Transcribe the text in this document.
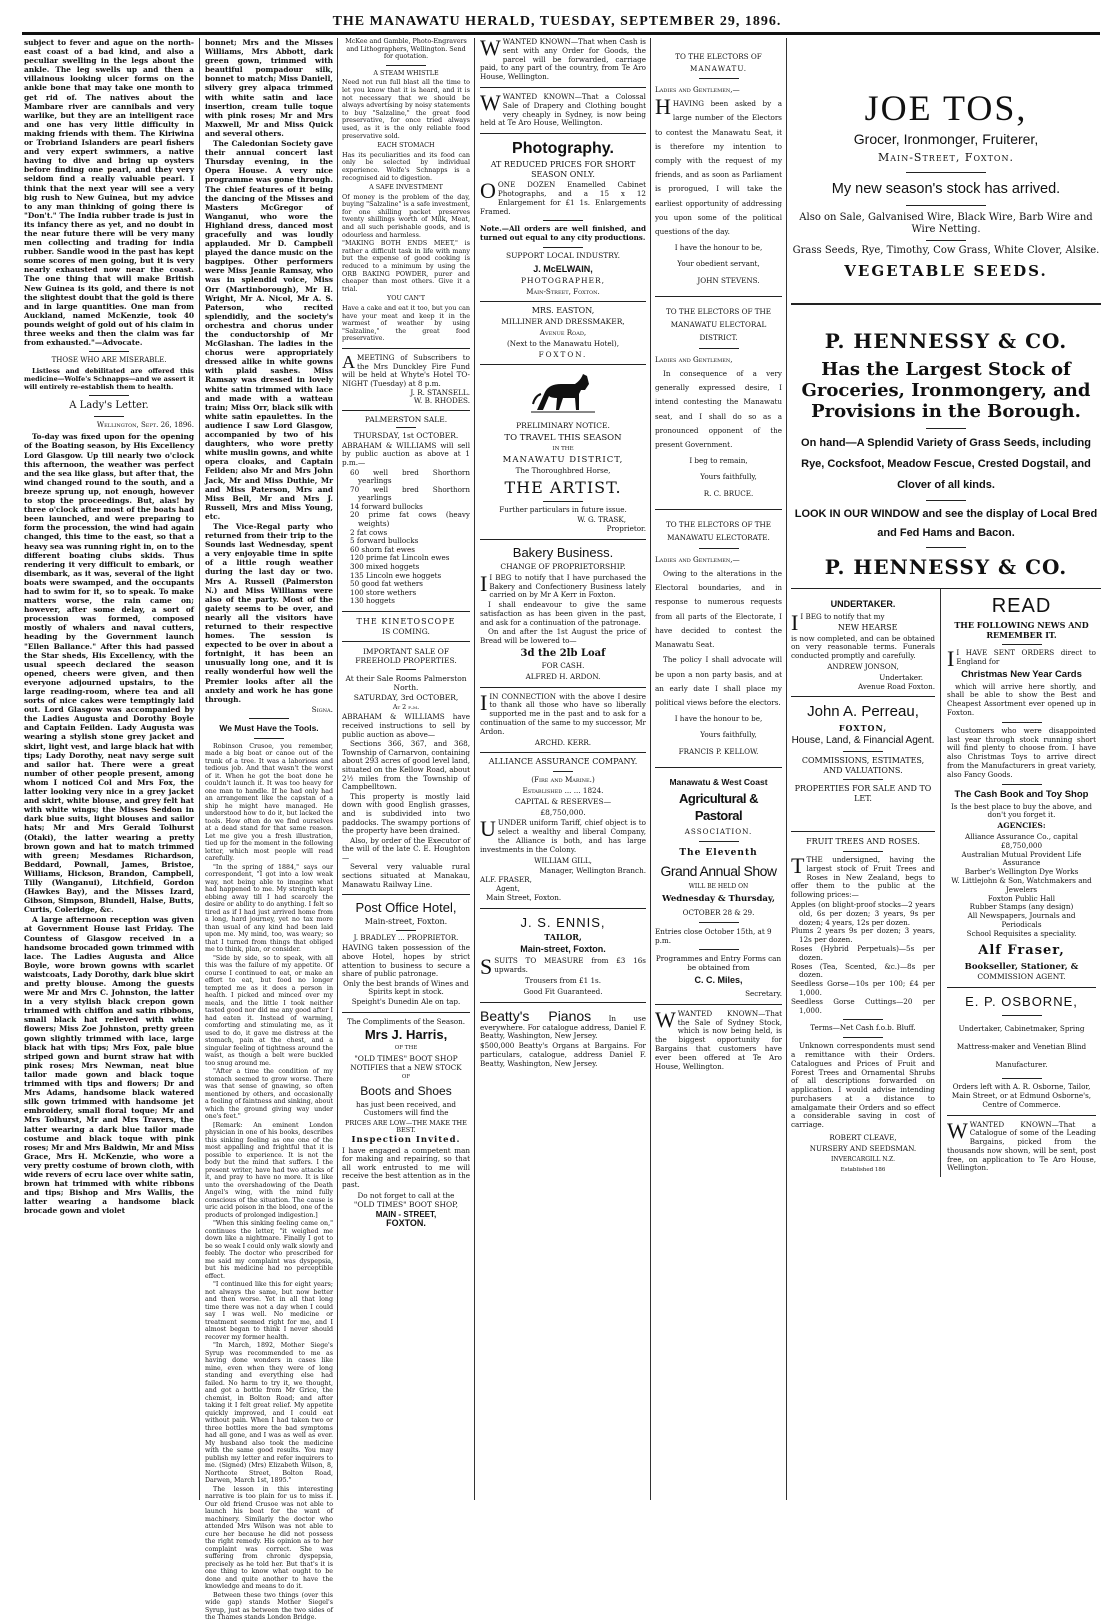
THE MANAWATU HERALD, TUESDAY, SEPTEMBER 29, 1896.

subject to fever and ague on the north-east coast of a bad kind, and also a peculiar swelling in the legs about the ankle. The leg swells up and then a villainous looking ulcer forms on the ankle bone that may take one month to get rid of. The natives about the Mambare river are cannibals and very warlike, but they are an intelligent race and one has very little difficulty in making friends with them. The Kiriwina or Trobriand Islanders are pearl fishers and very expert swimmers, a native having to dive and bring up oysters before finding one pearl, and they very seldom find a really valuable pearl. I think that the next year will see a very big rush to New Guinea, but my advice to any man thinking of going there is "Don't." The India rubber trade is just in its infancy there as yet, and no doubt in the near future there will be very many men collecting and trading for india rubber. Sandle wood in the past has kept some scores of men going, but it is very nearly exhausted now near the coast. The one thing that will make British New Guinea is its gold, and there is not the slightest doubt that the gold is there and in large quantities. One man from Auckland, named McKenzie, took 40 pounds weight of gold out of his claim in three weeks and then the claim was far from exhausted."—Advocate.

THOSE WHO ARE MISERABLE.

Listless and debilitated are offered this medicine—Wolfe's Schnapps—and we assert it will entirely re-establish them to health.

A Lady's Letter.
Wellington, Sept. 26, 1896.

To-day was fixed upon for the opening of the Boating season, by His Excellency Lord Glasgow. Up till nearly two o'clock this afternoon, the weather was perfect and the sea like glass, but after that, the wind changed round to the south, and a breeze sprung up, not enough, however to stop the proceedings. But, alas! by three o'clock after most of the boats had been launched, and were preparing to form the procession, the wind had again changed, this time to the east, so that a heavy sea was running right in, on to the different boating clubs skids. Thus rendering it very difficult to embark, or disembark, as it was, several of the light boats were swamped, and the occupants had to swim for it, so to speak. To make matters worse, the rain came on; however, after some delay, a sort of procession was formed, composed mostly of whalers and naval cutters, heading by the Government launch "Ellen Ballance." After this had passed the Star sheds, His Excellency, with the usual speech declared the season opened, cheers were given, and then everyone adjourned upstairs, to the large reading-room, where tea and all sorts of nice cakes were temptingly laid out. Lord Glasgow was accompanied by the Ladies Augusta and Dorothy Boyle and Captain Feilden. Lady Augusta was wearing a stylish stone grey jacket and skirt, light vest, and large black hat with tips; Lady Dorothy, neat navy serge suit and sailor hat. There were a great number of other people present, among whom I noticed Col and Mrs Fox, the latter looking very nice in a grey jacket and skirt, white blouse, and grey felt hat with white wings; the Misses Seddon in dark blue suits, light blouses and sailor hats; Mr and Mrs Gerald Tolhurst (Otaki), the latter wearing a pretty brown gown and hat to match trimmed with green; Mesdames Richardson, Beddard, Pownall, James, Bristoe, Williams, Hickson, Brandon, Campbell, Tilly (Wanganui), Litchfield, Gordon (Hawkes Bay), and the Misses Izard, Gibson, Simpson, Blundell, Halse, Butts, Curtis, Coleridge, &c.

A large afternoon reception was given at Government House last Friday. The Countess of Glasgow received in a handsome brocaded gown trimmed with lace. The Ladies Augusta and Alice Boyle, wore brown gowns with scarlet waistcoats, Lady Dorothy, dark blue skirt and pretty blouse. Among the guests were Mr and Mrs C. Johnston, the latter in a very stylish black crepon gown trimmed with chiffon and satin ribbons, small black hat relieved with white flowers; Miss Zoe Johnston, pretty green gown slightly trimmed with lace, large black hat with tips; Mrs Fox, pale blue striped gown and burnt straw hat with pink roses; Mrs Newman, neat blue tailor made gown and black toque trimmed with tips and flowers; Dr and Mrs Adams, handsome black watered silk gown trimmed with handsome jet embroidery, small floral toque; Mr and Mrs Tolhurst, Mr and Mrs Travers, the latter wearing a dark blue tailor made costume and black toque with pink roses; Mr and Mrs Baldwin, Mr and Miss Grace, Mrs H. McKenzie, who wore a very pretty costume of brown cloth, with wide revers of ecru lace over white satin, brown hat trimmed with white ribbons and tips; Bishop and Mrs Wallis, the latter wearing a handsome black brocade gown and violet

bonnet; Mrs and the Misses Williams, Mrs Abbott, dark green gown, trimmed with beautiful pompadour silk, bonnet to match; Miss Daniell, silvery grey alpaca trimmed with white satin and lace insertion, cream tulle toque with pink roses; Mr and Mrs Maxwell, Mr and Miss Quick and several others.

The Caledonian Society gave their annual concert last Thursday evening, in the Opera House. A very nice programme was gone through. The chief features of it being the dancing of the Misses and Masters McGregor of Wanganui, who wore the Highland dress, danced most gracefully and was loudly applauded. Mr D. Campbell played the dance music on the bagpipes. Other performers were Miss Jeanie Ramsay, who was in splendid voice, Miss Orr (Martinborough), Mr H. Wright, Mr A. Nicol, Mr A. S. Paterson, who recited splendidly, and the society's orchestra and chorus under the conductorship of Mr McGlashan. The ladies in the chorus were appropriately dressed alike in white gowns with plaid sashes. Miss Ramsay was dressed in lovely white satin trimmed with lace and made with a watteau train; Miss Orr, black silk with white satin epaulettes. In the audience I saw Lord Glasgow, accompanied by two of his daughters, who wore pretty white muslin gowns, and white opera cloaks, and Captain Feilden; also Mr and Mrs John Jack, Mr and Miss Duthie, Mr and Miss Paterson, Mrs and Miss Bell, Mr and Mrs J. Russell, Mrs and Miss Young, etc.

The Vice-Regal party who returned from their trip to the Sounds last Wednesday, spent a very enjoyable time in spite of a little rough weather during the last day or two. Mrs A. Russell (Palmerston N.) and Miss Williams were also of the party. Most of the gaiety seems to be over, and nearly all the visitors have returned to their respective homes. The session is expected to be over in about a fortnight, it has been an unusually long one, and it is really wonderful how well the Premier looks after all the anxiety and work he has gone through.

Signa.
We Must Have the Tools.

Robinson Crusoe, you remember, made a big boat or canoe out of the trunk of a tree. It was a laborious and tedious job. And that wasn't the worst of it. When he got the boat done he couldn't launch it. It was too heavy for one man to handle. If he had only had an arrangement like the capstan of a ship he might have managed. He understood how to do it, but lacked the tools. How often do we find ourselves at a dead stand for that same reason. Let me give you a fresh illustration, tied up for the moment in the following letter, which most people will read carefully.

"In the spring of 1884," says our correspondent, "I got into a low weak way, not being able to imagine what had happened to me. My strength kept ebbing away till I had scarcely the desire or ability to do anything. I felt so tired as if I had just arrived home from a long, hard journey, yet no tax more than usual of any kind had been laid upon me. My mind, too, was weary; so that I turned from things that obliged me to think, plan, or consider.

"Side by side, so to speak, with all this was the failure of my appetite. Of course I continued to eat, or make an effort to eat, but food no longer tempted me as it does a person in health. I picked and minced over my meals, and the little I took neither tasted good nor did me any good after I had eaten it. Instead of warming, comforting and stimulating me, as it used to do, it gave me distress at the stomach, pain at the chest, and a singular feeling of tightness around the waist, as though a belt were buckled too snug around me.

"After a time the condition of my stomach seemed to grow worse. There was that sense of gnawing, so often mentioned by others, and occasionally a feeling of faintness and sinking, about which the ground giving way under one's feet."

[Remark: An eminent London physician in one of his books, describes this sinking feeling as one one of the most appalling and frightful that it is possible to experience. It is not the body but the mind that suffers. I the present writer, have had two attacks of it, and pray to have no more. It is like unto the overshadowing of the Death Angel's wing, with the mind fully conscious of the situation. The cause is uric acid poison in the blood, one of the products of prolonged indigestion.]

"When this sinking feeling came on," continues the letter, "it weighed me down like a nightmare. Finally I got to be so weak I could only walk slowly and feebly. The doctor who prescribed for me said my complaint was dyspepsia, but his medicine had no perceptible effect.

"I continued like this for eight years; not always the same, but now better and then worse. Yet in all that long time there was not a day when I could say I was well. No medicine or treatment seemed right for me, and I almost began to think I never should recover my former health.

"In March, 1892, Mother Siege's Syrup was recommended to me as having done wonders in cases like mine, even when they were of long standing and everything else had failed. No harm to try it, we thought, and got a bottle from Mr Grice, the chemist, in Bolton Road; and after taking it I felt great relief. My appetite quickly improved, and I could eat without pain. When I had taken two or three bottles more the bad symptoms had all gone, and I was as well as ever. My husband also took the medicine with the same good results. You may publish my letter and refer inquirers to me. (Signed) (Mrs) Elizabeth Wilson, 8, Northcote Street, Bolton Road, Darwen, March 1st, 1895."

The lesson in this interesting narrative is too plain for us to miss it. Our old friend Crusoe was not able to launch his boat for the want of machinery. Similarly the doctor who attended Mrs Wilson was not able to cure her because he did not possess the right remedy. His opinion as to her complaint was correct. She was suffering from chronic dyspepsia, precisely as he told her. But that's it is one thing to know what ought to be done and quite another to have the knowledge and means to do it.

Between these two things (over this wide gap) stands Mother Siegel's Syrup, just as between the two sides of the Thames stands London Bridge.

McKee and Gamble, Photo-Engravers and Lithographers, Wellington. Send for quotation.

A STEAM WHISTLE

Need not run full blast all the time to let you know that it is heard, and it is not necessary that we should be always advertising by noisy statements to buy "Salzaline," the great food preservative, for once tried always used, as it is the only reliable food preservative sold.

EACH STOMACH

Has its peculiarities and its food can only be selected by individual experience. Wolfe's Schnapps is a recognised aid to digestion.

A SAFE INVESTMENT

Of money is the problem of the day, buying "Salzaline" is a safe investment, for one shilling packet preserves twenty shillings worth of Milk, Meat, and all such perishable goods, and is odourless and harmless.

"MAKING BOTH ENDS MEET," is rather a difficult task in life with many but the expense of good cooking is reduced to a minimum by using the ORB BAKING POWDER, purer and cheaper than most others. Give it a trial.

YOU CAN'T

Have a cake and eat it too, but you can have your meat and keep it in the warmest of weather by using "Salzaline," the great food preservative.

AMEETING of Subscribers to the Mrs Dunckley Fire Fund will be held at Whyte's Hotel TO-NIGHT (Tuesday) at 8 p.m.

J. R. STANSELL.
W. B. RHODES.
PALMERSTON SALE.
THURSDAY, 1st OCTOBER.

ABRAHAM & WILLIAMS will sell by public auction as above at 1 p.m.—

60 well bred Shorthorn yearlings
70 well bred Shorthorn yearlings
14 forward bullocks
20 prime fat cows (heavy weights)
2 fat cows
5 forward bullocks
60 shorn fat ewes
120 prime fat Lincoln ewes
300 mixed hoggets
135 Lincoln ewe hoggets
50 good fat wethers
100 store wethers
130 hoggets
THE KINETOSCOPE
IS COMING.
IMPORTANT SALE OF FREEHOLD PROPERTIES.
At their Sale Rooms Palmerston North.
SATURDAY, 3rd OCTOBER,
At 2 p.m.

ABRAHAM & WILLIAMS have received instructions to sell by public auction as above—

Sections 366, 367, and 368, Township of Carnarvon, containing about 293 acres of good level land, situated on the Kellow Road, about 2½ miles from the Township of Campbelltown.

This property is mostly laid down with good English grasses, and is subdivided into two paddocks. The swampy portions of the property have been drained.

Also, by order of the Executor of the will of the late C. E. Houghton—

Several very valuable rural sections situated at Manakau, Manawatu Railway Line.

Post Office Hotel,
Main-street, Foxton.
J. BRADLEY ... PROPRIETOR.

HAVING taken possession of the above Hotel, hopes by strict attention to business to secure a share of public patronage.

Only the best brands of Wines and Spirits kept in stock.

Speight's Dunedin Ale on tap.

The Compliments of the Season.
Mrs J. Harris,
OF THE
"OLD TIMES" BOOT SHOP
NOTIFIES that a NEW STOCK
OF
Boots and Shoes

has just been received, and Customers will find the

PRICES ARE LOW—THE MAKE THE BEST.
Inspection Invited.

I have engaged a competent man for making and repairing, so that all work entrusted to me will receive the best attention as in the past.

Do not forget to call at the
"OLD TIMES" BOOT SHOP,
MAIN - STREET,
FOXTON.

WWANTED KNOWN—That when Cash is sent with any Order for Goods, the parcel will be forwarded, carriage paid, to any part of the country, from Te Aro House, Wellington.

WWANTED KNOWN—That a Colossal Sale of Drapery and Clothing bought very cheaply in Sydney, is now being held at Te Aro House, Wellington.

Photography.
AT REDUCED PRICES FOR SHORT SEASON ONLY.

OONE DOZEN Enamelled Cabinet Photographs, and a 15 x 12 Enlargement for £1 1s. Enlargements Framed.

Note.—All orders are well finished, and turned out equal to any city productions.

SUPPORT LOCAL INDUSTRY.
J. McELWAIN,
PHOTOGRAPHER,
Main-Street, Foxton.
MRS. EASTON,
MILLINER AND DRESSMAKER,
Avenue Road,
(Next to the Manawatu Hotel),
FOXTON.
PRELIMINARY NOTICE.
TO TRAVEL THIS SEASON
IN THE
MANAWATU DISTRICT,
The Thoroughbred Horse,
THE ARTIST.
Further particulars in future issue.
W. G. TRASK,
Proprietor.
Bakery Business.
CHANGE OF PROPRIETORSHIP.

I I BEG to notify that I have purchased the Bakery and Confectionery Business lately carried on by Mr A Kerr in Foxton.

I shall endeavour to give the same satisfaction as has been given in the past, and ask for a continuation of the patronage.

On and after the 1st August the price of Bread will be lowered to—

3d the 2lb Loaf
FOR CASH.
ALFRED H. ARDON.

IIN CONNECTION with the above I desire to thank all those who have so liberally supported me in the past and to ask for a continuation of the same to my successor, Mr Ardon.

ARCHD. KERR.
ALLIANCE ASSURANCE COMPANY.
(Fire and Marine.)
Established ... ... 1824.
CAPITAL & RESERVES—
£8,750,000.

UUNDER uniform Tariff, chief object is to select a wealthy and liberal Company, the Alliance is both, and has large investments in the Colony.

WILLIAM GILL,
Manager, Wellington Branch.
ALF. FRASER,
Agent,
Main Street, Foxton.
J. S. ENNIS,
TAILOR,
Main-street, Foxton.

SSUITS TO MEASURE from £3 16s upwards.

Trousers from £1 1s.
Good Fit Guaranteed.

Beatty's Pianos In use everywhere. For catalogue address, Daniel F. Beatty, Washington, New Jersey.

$500,000 Beatty's Organs at Bargains. For particulars, catalogue, address Daniel F. Beatty, Washington, New Jersey.

TO THE ELECTORS OF
MANAWATU.
Ladies and Gentlemen,—

HHAVING been asked by a large number of the Electors to contest the Manawatu Seat, it is therefore my intention to comply with the request of my friends, and as soon as Parliament is prorogued, I will take the earliest opportunity of addressing you upon some of the political questions of the day.

I have the honour to be,
Your obedient servant,
JOHN STEVENS.
TO THE ELECTORS OF THE MANAWATU ELECTORAL DISTRICT.
Ladies and Gentlemen,

In consequence of a very generally expressed desire, I intend contesting the Manawatu seat, and I shall do so as a pronounced opponent of the present Government.

I beg to remain,
Yours faithfully,
R. C. BRUCE.
TO THE ELECTORS OF THE MANAWATU ELECTORATE.
Ladies and Gentlemen,—

Owing to the alterations in the Electoral boundaries, and in response to numerous requests from all parts of the Electorate, I have decided to contest the Manawatu Seat.

The policy I shall advocate will be upon a non party basis, and at an early date I shall place my political views before the electors.

I have the honour to be,
Yours faithfully,
FRANCIS P. KELLOW.
Manawatu & West Coast
Agricultural & Pastoral
ASSOCIATION.
The Eleventh
Grand Annual Show
WILL BE HELD ON
Wednesday & Thursday,
OCTOBER 28 & 29.

Entries close October 15th, at 9 p.m.

Programmes and Entry Forms can be obtained from

C. C. Miles,
Secretary.

WWANTED KNOWN—That the Sale of Sydney Stock, which is now being held, is the biggest opportunity for Bargains that customers have ever been offered at Te Aro House, Wellington.

JOE TOS,
Grocer, Ironmonger, Fruiterer,
Main-Street, Foxton.
My new season's stock has arrived.
Also on Sale, Galvanised Wire, Black Wire, Barb Wire and Wire Netting.
Grass Seeds, Rye, Timothy, Cow Grass, White Clover, Alsike.
VEGETABLE SEEDS.
P. HENNESSY & CO.
Has the Largest Stock of Groceries, Ironmongery, and Provisions in the Borough.
On hand—A Splendid Variety of Grass Seeds, including Rye, Cocksfoot, Meadow Fescue, Crested Dogstail, and Clover of all kinds.
LOOK IN OUR WINDOW and see the display of Local Bred and Fed Hams and Bacon.
P. HENNESSY & CO.
UNDERTAKER.

I I BEG to notify that my

NEW HEARSE

is now completed, and can be obtained on very reasonable terms. Funerals conducted promptly and carefully.

ANDREW JONSON,
Undertaker.
Avenue Road Foxton.
John A. Perreau,
FOXTON,
House, Land, & Financial Agent.
COMMISSIONS, ESTIMATES, AND VALUATIONS.
PROPERTIES FOR SALE AND TO LET.
FRUIT TREES AND ROSES.

TTHE undersigned, having the largest stock of Fruit Trees and Roses in New Zealand, begs to offer them to the public at the following prices:—

Apples (on blight-proof stocks—2 years old, 6s per dozen; 3 years, 9s per dozen; 4 years, 12s per dozen.
Plums 2 years 9s per dozen; 3 years, 12s per dozen.
Roses (Hybrid Perpetuals)—5s per dozen.
Roses (Tea, Scented, &c.)—8s per dozen.
Seedless Gorse—10s per 100; £4 per 1,000.
Seedless Gorse Cuttings—20 per 1,000.
Terms—Net Cash f.o.b. Bluff.

Unknown correspondents must send a remittance with their Orders. Catalogues and Prices of Fruit and Forest Trees and Ornamental Shrubs of all descriptions forwarded on application. I would advise intending purchasers at a distance to amalgamate their Orders and so effect a considerable saving in cost of carriage.

ROBERT CLEAVE,
NURSERY AND SEEDSMAN.
INVERCARGILL N.Z.
Established 186
READ
THE FOLLOWING NEWS AND REMEMBER IT.

I I HAVE SENT ORDERS direct to England for

Christmas New Year Cards

which will arrive here shortly, and shall be able to show the Best and Cheapest Assortment ever opened up in Foxton.

Customers who were disappointed last year through stock running short will find plenty to choose from. I have also Christmas Toys to arrive direct from the Manufacturers in great variety, also Fancy Goods.

The Cash Book and Toy Shop

Is the best place to buy the above, and don't you forget it.

AGENCIES:
Alliance Assurance Co., capital £8,750,000
Australian Mutual Provident Life Assurance
Barber's Wellington Dye Works
W. Littlejohn & Son, Watchmakers and Jewelers
Foxton Public Hall
Rubber Stamps (any design)
All Newspapers, Journals and Periodicals
School Requisites a speciality.
Alf Fraser,
Bookseller, Stationer, &
COMMISSION AGENT.
E. P. OSBORNE,

Undertaker, Cabinetmaker, Spring Mattress-maker and Venetian Blind Manufacturer.

Orders left with A. R. Osborne, Tailor, Main Street, or at Edmund Osborne's, Centre of Commerce.

WWANTED KNOWN—That a Catalogue of some of the Leading Bargains, picked from the thousands now shown, will be sent, post free, on application to Te Aro House, Wellington.
